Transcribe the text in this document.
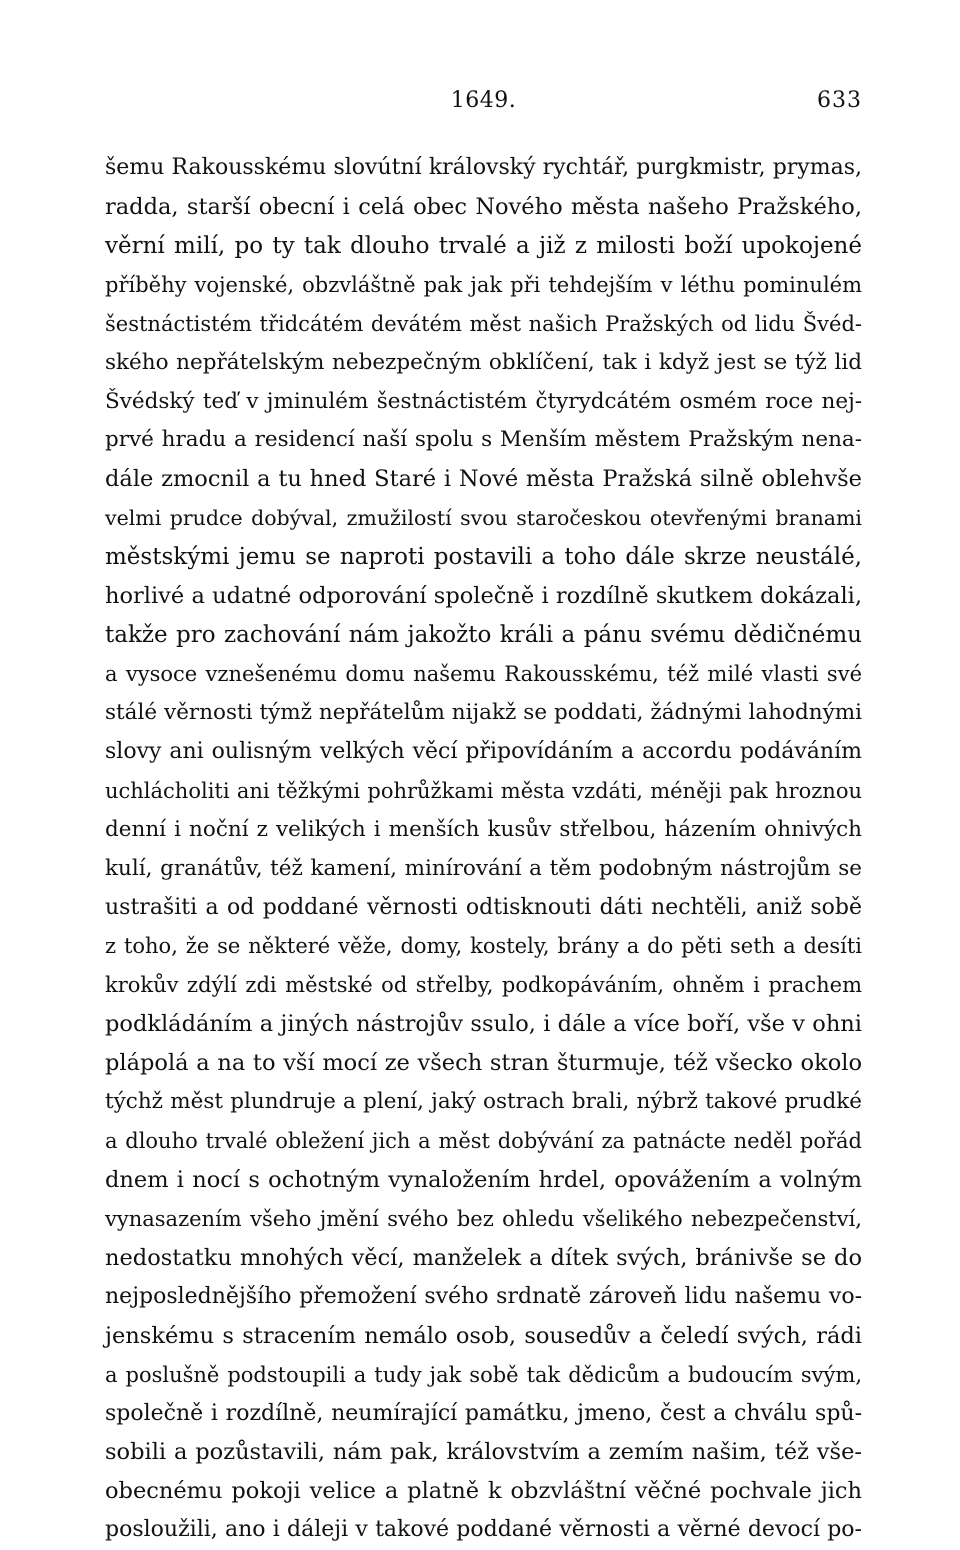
1649.	633
šemu Rakousskému slovútní královský rychtář, purgkmistr, prymas,
radda, starší obecní i celá obec Nového města našeho Pražského,
věrní milí, po ty tak dlouho trvalé a již z milosti boží upokojené
příběhy vojenské, obzvláštně pak jak při tehdejším v léthu pominulém
šestnáctistém třidcátém devátém měst našich Pražských od lidu Švéd-
ského nepřátelským nebezpečným obklíčení, tak i když jest se týž lid
Švédský teď v jminulém šestnáctistém čtyrydcátém osmém roce nej-
prvé hradu a residencí naší spolu s Menším městem Pražským nena-
dále zmocnil a tu hned Staré i Nové města Pražská silně oblehvše
velmi prudce dobýval, zmužilostí svou staročeskou otevřenými branami
městskými jemu se naproti postavili a toho dále skrze neustálé,
horlivé a udatné odporování společně i rozdílně skutkem dokázali,
takže pro zachování nám jakožto králi a pánu svému dědičnému
a vysoce vznešenému domu našemu Rakousskému, též milé vlasti své
stálé věrnosti týmž nepřátelům nijakž se poddati, žádnými lahodnými
slovy ani oulisným velkých věcí připovídáním a accordu podáváním
uchlácholiti ani těžkými pohrůžkami města vzdáti, méněji pak hroznou
denní i noční z velikých i menších kusův střelbou, házením ohnivých
kulí, granátův, též kamení, minírování a těm podobným nástrojům se
ustrašiti a od poddané věrnosti odtisknouti dáti nechtěli, aniž sobě
z toho, že se některé věže, domy, kostely, brány a do pěti seth a desíti
krokův zdýlí zdi městské od střelby, podkopáváním, ohněm i prachem
podkládáním a jiných nástrojův ssulo, i dále a více boří, vše v ohni
plápolá a na to vší mocí ze všech stran šturmuje, též všecko okolo
týchž měst plundruje a plení, jaký ostrach brali, nýbrž takové prudké
a dlouho trvalé obležení jich a měst dobývání za patnácte neděl pořád
dnem i nocí s ochotným vynaložením hrdel, opovážením a volným
vynasazením všeho jmění svého bez ohledu všelikého nebezpečenství,
nedostatku mnohých věcí, manželek a dítek svých, bránivše se do
nejposlednějšího přemožení svého srdnatě zároveň lidu našemu vo-
jenskému s stracením nemálo osob, sousedův a čeledí svých, rádi
a poslušně podstoupili a tudy jak sobě tak dědicům a budoucím svým,
společně i rozdílně, neumírající památku, jmeno, čest a chválu spů-
sobili a pozůstavili, nám pak, královstvím a zemím našim, též vše-
obecnému pokoji velice a platně k obzvláštní věčné pochvale jich
posloužili, ano i dáleji v takové poddané věrnosti a věrné devocí po-
